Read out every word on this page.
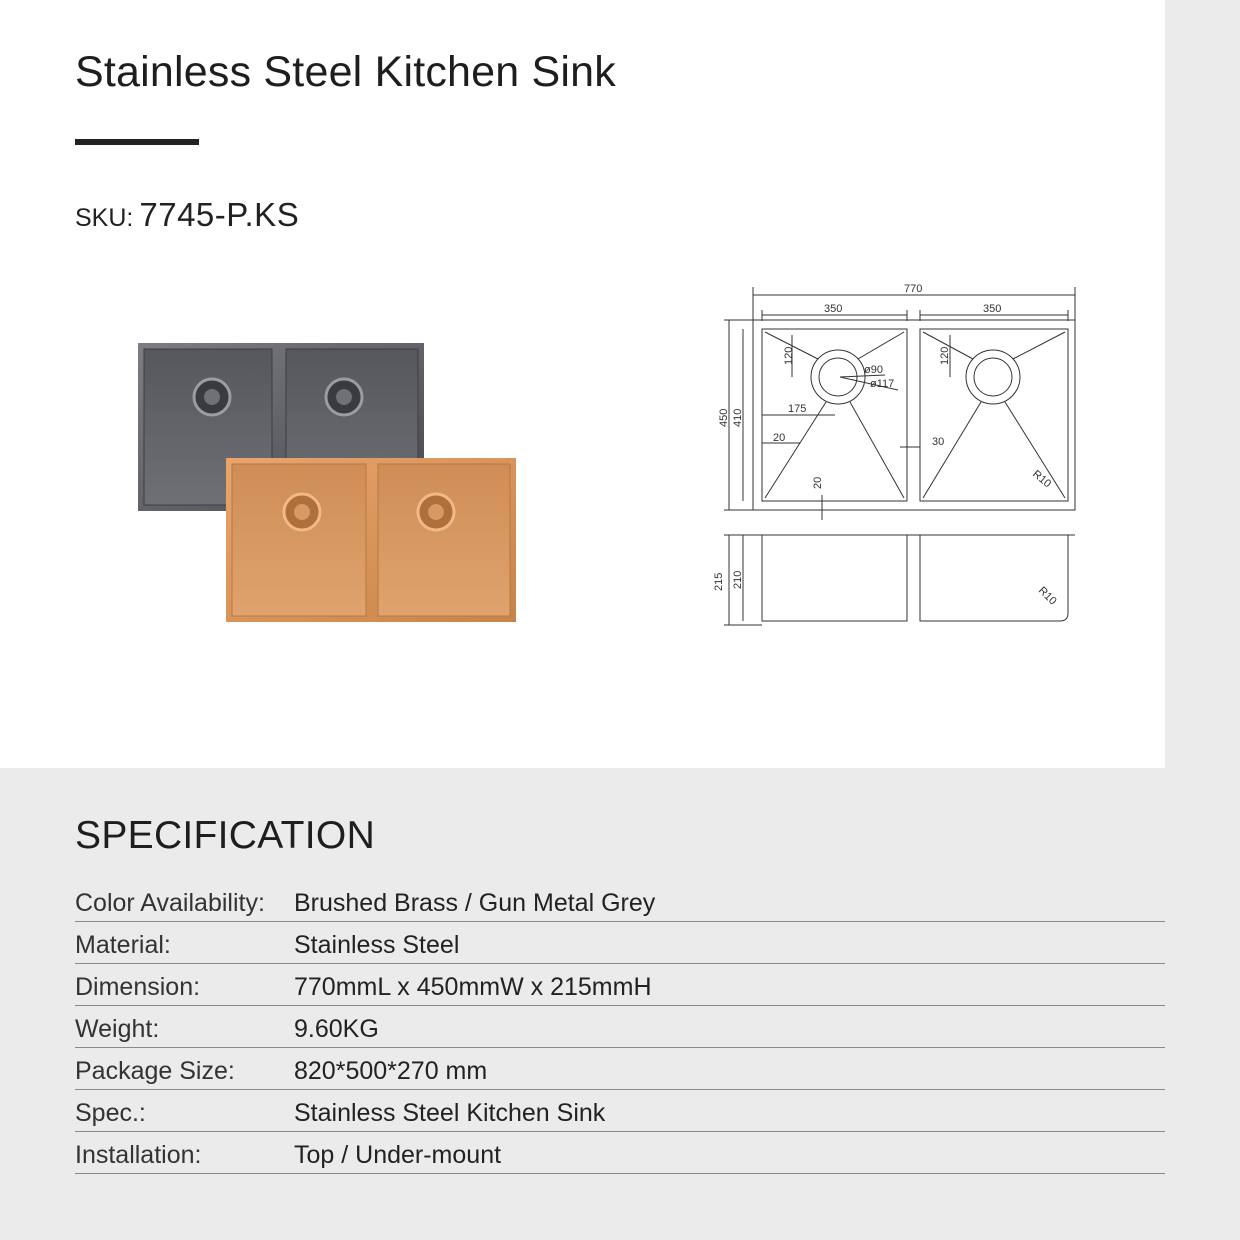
Stainless Steel Kitchen Sink
SKU: 7745-P.KS
770
350	350
120	120
ø90
ø117
175
450 410
20
20
30
R10
215 210
R10
SPECIFICATION
Color Availability: Brushed Brass / Gun Metal Grey
Material:	Stainless Steel
Dimension:	770mmL x 450mmW x 215mmH
Weight:	9.60KG
Package Size: 820*500*270 mm
Spec.:	Stainless Steel Kitchen Sink
Installation:	Top / Under-mount
